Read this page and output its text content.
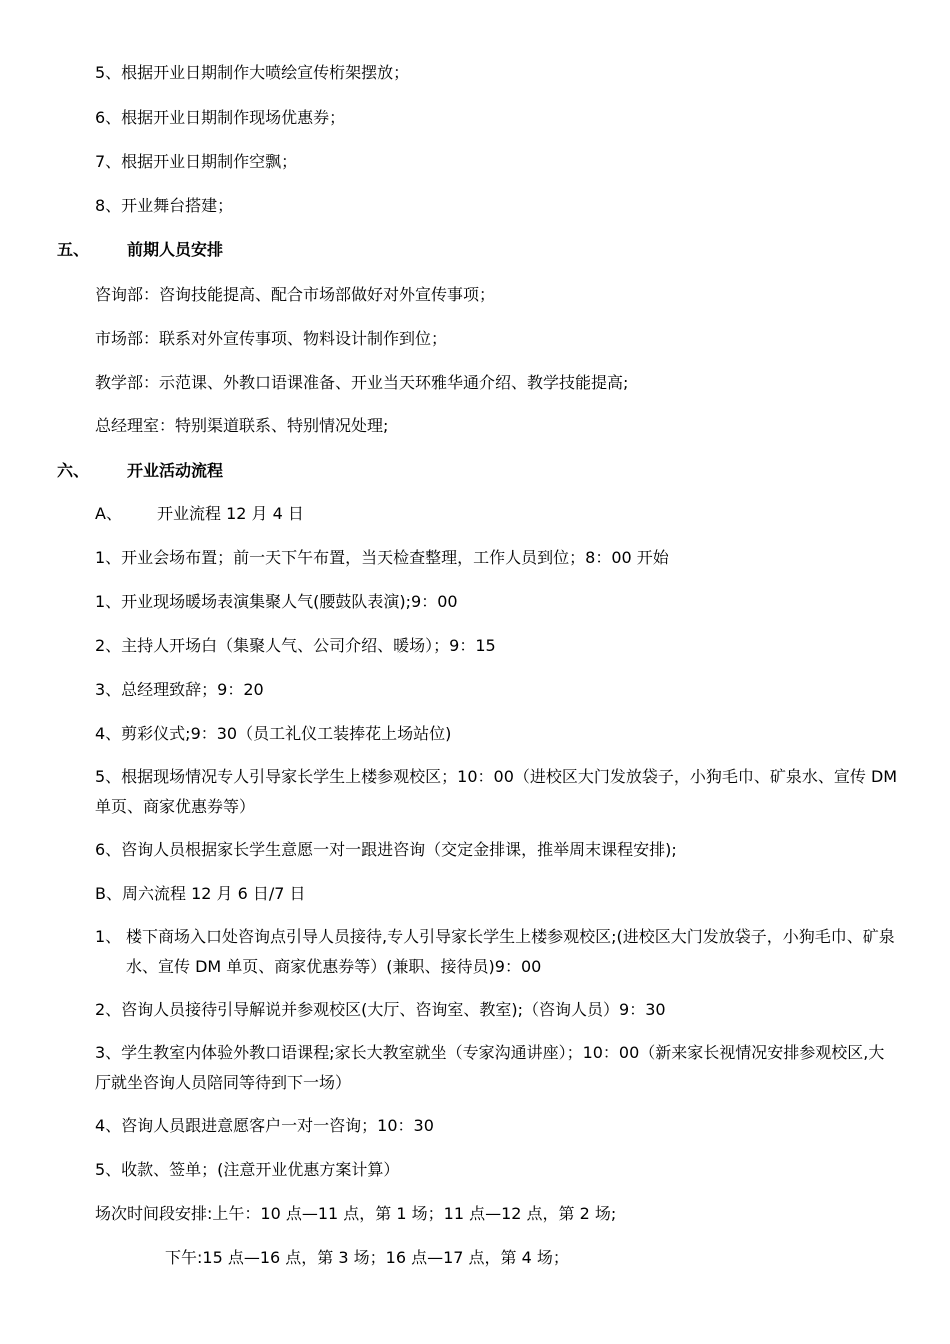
5、根据开业日期制作大喷绘宣传桁架摆放；
6、根据开业日期制作现场优惠券；
7、根据开业日期制作空飘；
8、开业舞台搭建；
五、 前期人员安排
咨询部：咨询技能提高、配合市场部做好对外宣传事项；
市场部：联系对外宣传事项、物料设计制作到位；
教学部：示范课、外教口语课准备、开业当天环雅华通介绍、教学技能提高;
总经理室：特别渠道联系、特别情况处理;
六、 开业活动流程
A、 开业流程 12 月 4 日
1、开业会场布置；前一天下午布置，当天检查整理，工作人员到位；8：00 开始
1、开业现场暖场表演集聚人气(腰鼓队表演);9：00
2、主持人开场白（集聚人气、公司介绍、暖场）；9：15
3、总经理致辞；9：20
4、剪彩仪式;9：30（员工礼仪工装捧花上场站位)
5、根据现场情况专人引导家长学生上楼参观校区；10：00（进校区大门发放袋子，小狗毛巾、矿泉水、宣传 DM 单页、商家优惠券等）
6、咨询人员根据家长学生意愿一对一跟进咨询（交定金排课，推举周末课程安排);
B、周六流程 12 月 6 日/7 日
1、 楼下商场入口处咨询点引导人员接待,专人引导家长学生上楼参观校区;(进校区大门发放袋子，小狗毛巾、矿泉水、宣传 DM 单页、商家优惠券等）(兼职、接待员)9：00
2、咨询人员接待引导解说并参观校区(大厅、咨询室、教室);（咨询人员）9：30
3、学生教室内体验外教口语课程;家长大教室就坐（专家沟通讲座）；10：00（新来家长视情况安排参观校区,大厅就坐咨询人员陪同等待到下一场）
4、咨询人员跟进意愿客户一对一咨询；10：30
5、收款、签单；(注意开业优惠方案计算）
场次时间段安排:上午：10 点—11 点，第 1 场；11 点—12 点，第 2 场;
下午:15 点—16 点，第 3 场；16 点—17 点，第 4 场；
